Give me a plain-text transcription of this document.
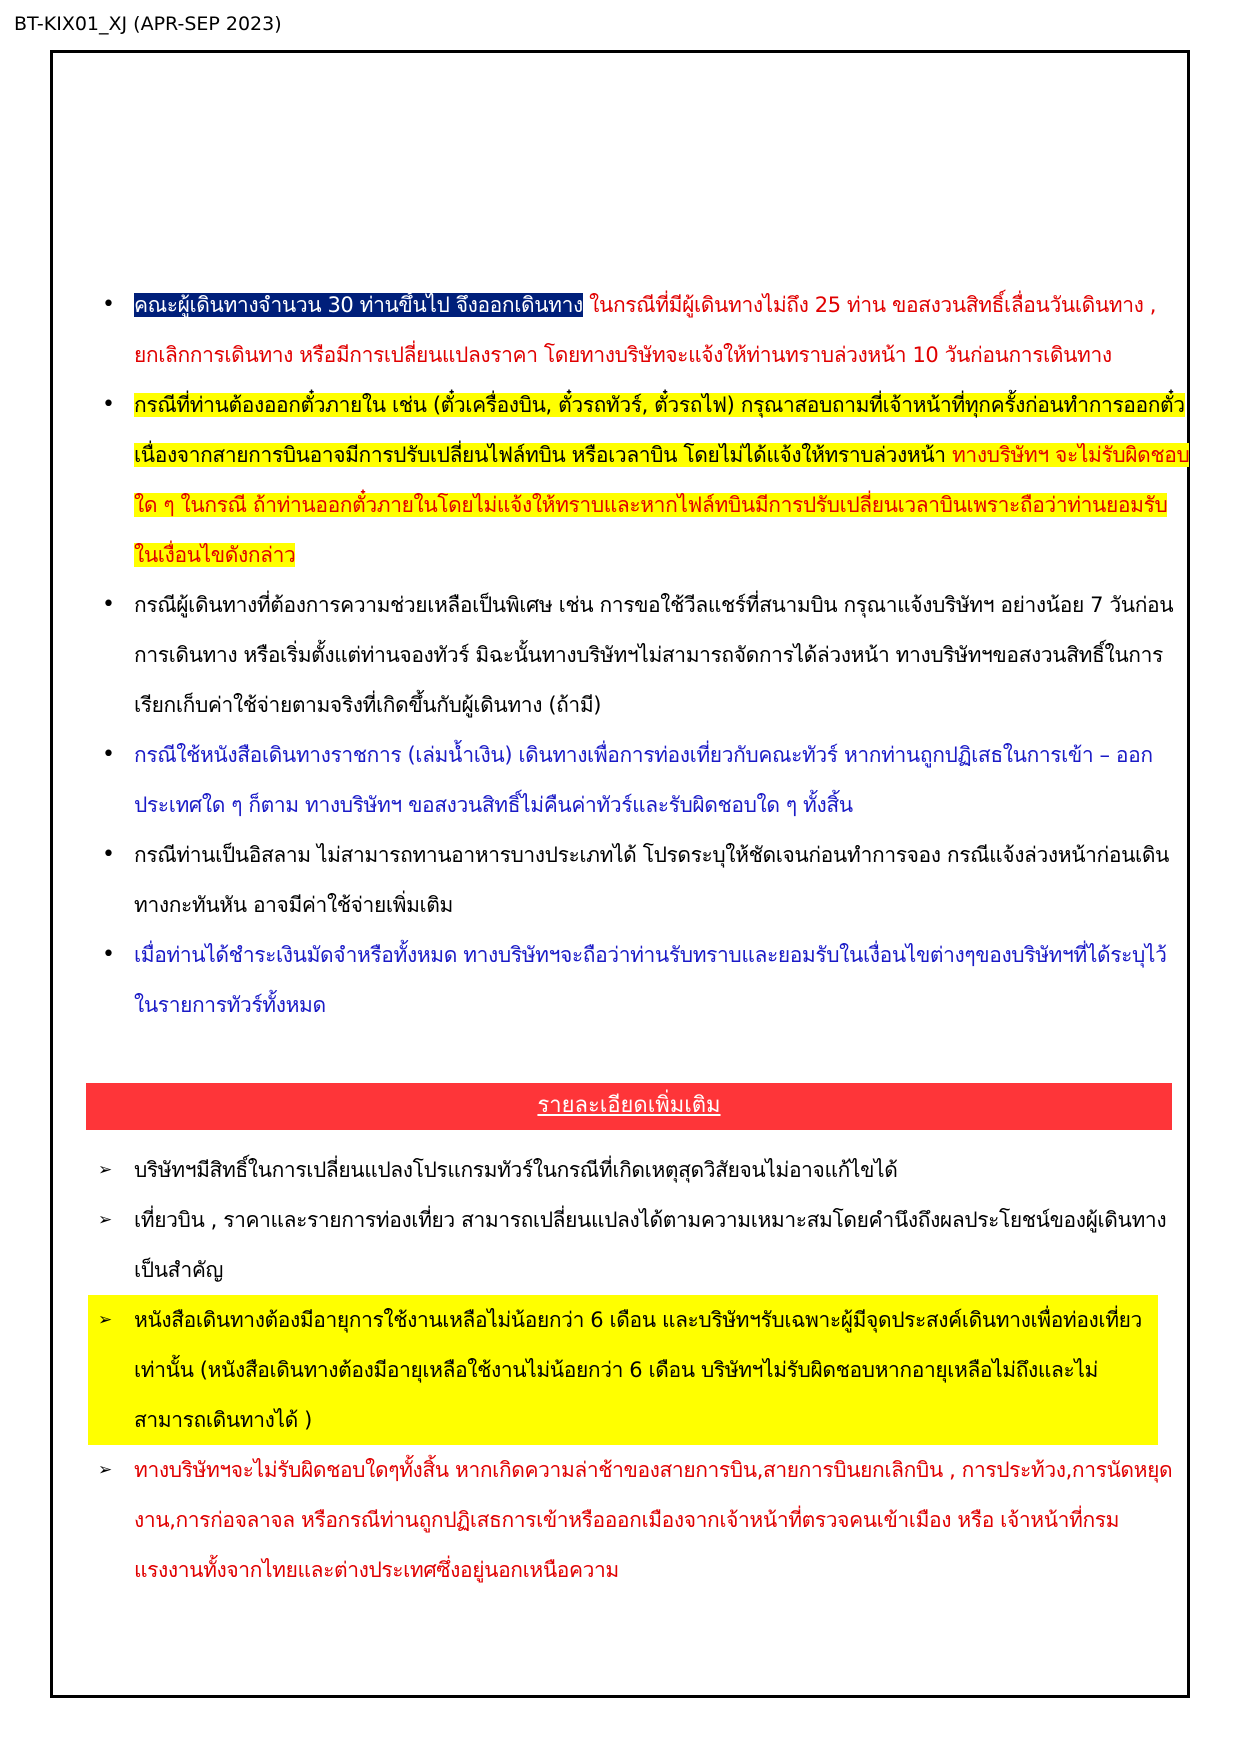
BT-KIX01_XJ (APR-SEP 2023)
• คณะผู้เดินทางจำนวน 30 ท่านขึ้นไป จึงออกเดินทาง ในกรณีที่มีผู้เดินทางไม่ถึง 25 ท่าน ขอสงวนสิทธิ์เลื่อนวันเดินทาง , ยกเลิกการเดินทาง หรือมีการเปลี่ยนแปลงราคา โดยทางบริษัทจะแจ้งให้ท่านทราบล่วงหน้า 10 วันก่อนการเดินทาง
• กรณีที่ท่านต้องออกตั๋วภายใน เช่น (ตั๋วเครื่องบิน, ตั๋วรถทัวร์, ตั๋วรถไฟ) กรุณาสอบถามที่เจ้าหน้าที่ทุกครั้งก่อนทำการออกตั๋ว เนื่องจากสายการบินอาจมีการปรับเปลี่ยนไฟล์ทบิน หรือเวลาบิน โดยไม่ได้แจ้งให้ทราบล่วงหน้า ทางบริษัทฯ จะไม่รับผิดชอบใด ๆ ในกรณี ถ้าท่านออกตั๋วภายในโดยไม่แจ้งให้ทราบและหากไฟล์ทบินมีการปรับเปลี่ยนเวลาบินเพราะถือว่าท่านยอมรับในเงื่อนไขดังกล่าว
• กรณีผู้เดินทางที่ต้องการความช่วยเหลือเป็นพิเศษ เช่น การขอใช้วีลแชร์ที่สนามบิน กรุณาแจ้งบริษัทฯ อย่างน้อย 7 วันก่อนการเดินทาง หรือเริ่มตั้งแต่ท่านจองทัวร์ มิฉะนั้นทางบริษัทฯไม่สามารถจัดการได้ล่วงหน้า ทางบริษัทฯขอสงวนสิทธิ์ในการเรียกเก็บค่าใช้จ่ายตามจริงที่เกิดขึ้นกับผู้เดินทาง (ถ้ามี)
• กรณีใช้หนังสือเดินทางราชการ (เล่มน้ำเงิน) เดินทางเพื่อการท่องเที่ยวกับคณะทัวร์ หากท่านถูกปฏิเสธในการเข้า – ออกประเทศใด ๆ ก็ตาม ทางบริษัทฯ ขอสงวนสิทธิ์ไม่คืนค่าทัวร์และรับผิดชอบใด ๆ ทั้งสิ้น
• กรณีท่านเป็นอิสลาม ไม่สามารถทานอาหารบางประเภทได้ โปรดระบุให้ชัดเจนก่อนทำการจอง กรณีแจ้งล่วงหน้าก่อนเดินทางกะทันหัน อาจมีค่าใช้จ่ายเพิ่มเติม
• เมื่อท่านได้ชำระเงินมัดจำหรือทั้งหมด ทางบริษัทฯจะถือว่าท่านรับทราบและยอมรับในเงื่อนไขต่างๆของบริษัทฯที่ได้ระบุไว้ในรายการทัวร์ทั้งหมด
รายละเอียดเพิ่มเติม
➢ บริษัทฯมีสิทธิ์ในการเปลี่ยนแปลงโปรแกรมทัวร์ในกรณีที่เกิดเหตุสุดวิสัยจนไม่อาจแก้ไขได้
➢ เที่ยวบิน , ราคาและรายการท่องเที่ยว สามารถเปลี่ยนแปลงได้ตามความเหมาะสมโดยคำนึงถึงผลประโยชน์ของผู้เดินทางเป็นสำคัญ
➢ หนังสือเดินทางต้องมีอายุการใช้งานเหลือไม่น้อยกว่า 6 เดือน และบริษัทฯรับเฉพาะผู้มีจุดประสงค์เดินทางเพื่อท่องเที่ยวเท่านั้น (หนังสือเดินทางต้องมีอายุเหลือใช้งานไม่น้อยกว่า 6 เดือน บริษัทฯไม่รับผิดชอบหากอายุเหลือไม่ถึงและไม่สามารถเดินทางได้ )
➢ ทางบริษัทฯจะไม่รับผิดชอบใดๆทั้งสิ้น หากเกิดความล่าช้าของสายการบิน,สายการบินยกเลิกบิน , การประท้วง,การนัดหยุดงาน,การก่อจลาจล หรือกรณีท่านถูกปฏิเสธการเข้าหรือออกเมืองจากเจ้าหน้าที่ตรวจคนเข้าเมือง หรือ เจ้าหน้าที่กรมแรงงานทั้งจากไทยและต่างประเทศซึ่งอยู่นอกเหนือความ
